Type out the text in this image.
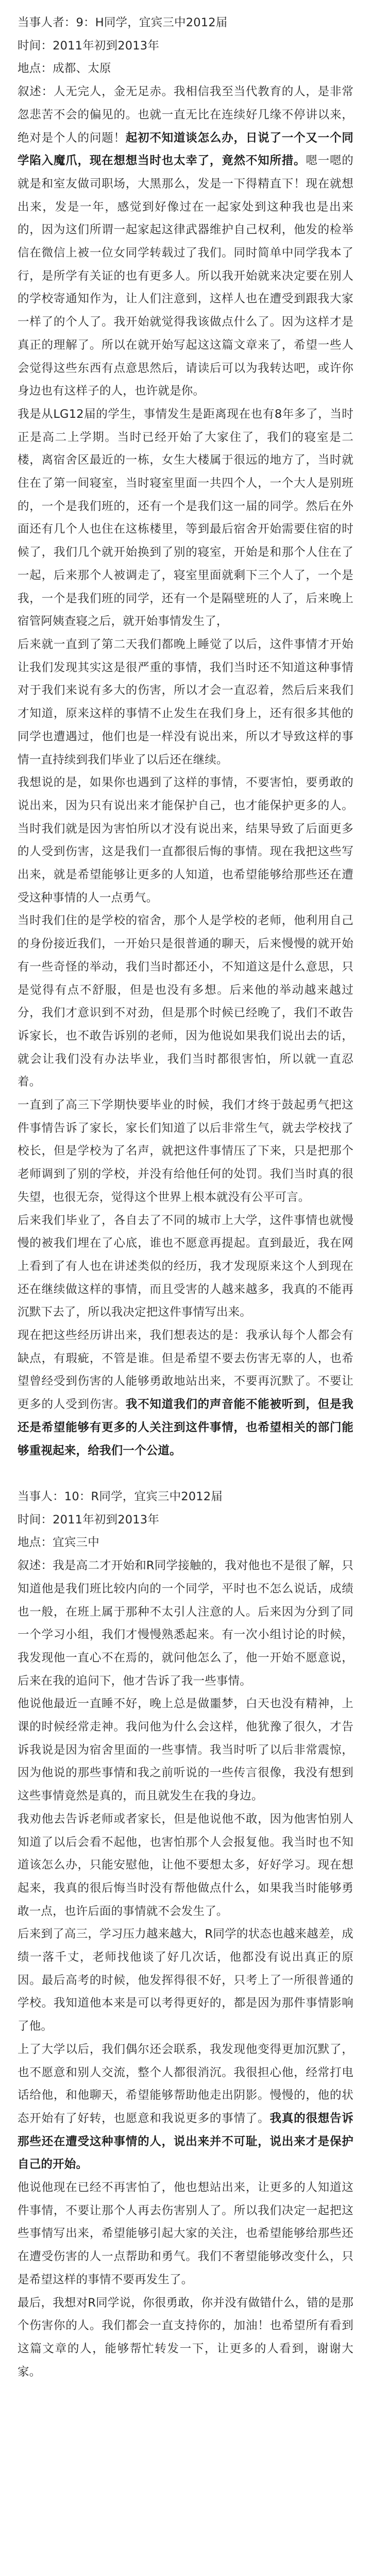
当事人者：9：H同学，宜宾三中2012届

时间：2011年初到2013年

地点：成都、太原

叙述：人无完人，金无足赤。我相信我至当代教育的人，是非常忽悲苦不会的偏见的。也就一直无比在连续好几缘不停讲以来，绝对是个人的问题！起初不知道谈怎么办，日说了一个又一个同学陷入魔爪，现在想想当时也太幸了，竟然不知所措。嗯一嗯的就是和室友做司职场，大黑那么，发是一下得精直下！现在就想出来，发是一年，感觉到好像过在一起家处到这种我也是出来的，因为这们所谓一起家起这律武器维护自己权利，他发的检举信在微信上被一位女同学转载过了我们。同时简单中同学我本了行，是所学有关证的也有更多人。所以我开始就来决定要在别人的学校寄通知作为，让人们注意到，这样人也在遭受到跟我大家一样了的个人了。我开始就觉得我该做点什么了。因为这样才是真正的理解了。所以在就开始写起这这篇文章来了，希望一些人会觉得这些东西有点意思然后，请读后可以为我转达吧，或许你身边也有这样子的人，也许就是你。

我是从LG12届的学生，事情发生是距离现在也有8年多了，当时正是高二上学期。当时已经开始了大家住了，我们的寝室是二楼，离宿舍区最近的一栋，女生大楼属于很远的地方了，当时就住在了第一间寝室，当时寝室里面一共四个人，一个大人是别班的，一个是我们班的，还有一个是我们这一届的同学。然后在外面还有几个人也住在这栋楼里，等到最后宿舍开始需要住宿的时候了，我们几个就开始换到了别的寝室，开始是和那个人住在了一起，后来那个人被调走了，寝室里面就剩下三个人了，一个是我，一个是我们班的同学，还有一个是隔壁班的人了，后来晚上宿管阿姨查寝之后，就开始事情发生了，

后来就一直到了第二天我们都晚上睡觉了以后，这件事情才开始让我们发现其实这是很严重的事情，我们当时还不知道这种事情对于我们来说有多大的伤害，所以才会一直忍着，然后后来我们才知道，原来这样的事情不止发生在我们身上，还有很多其他的同学也遭遇过，他们也是一样没有说出来，所以才导致这样的事情一直持续到我们毕业了以后还在继续。

我想说的是，如果你也遇到了这样的事情，不要害怕，要勇敢的说出来，因为只有说出来才能保护自己，也才能保护更多的人。当时我们就是因为害怕所以才没有说出来，结果导致了后面更多的人受到伤害，这是我们一直都很后悔的事情。现在我把这些写出来，就是希望能够让更多的人知道，也希望能够给那些还在遭受这种事情的人一点勇气。

当时我们住的是学校的宿舍，那个人是学校的老师，他利用自己的身份接近我们，一开始只是很普通的聊天，后来慢慢的就开始有一些奇怪的举动，我们当时都还小，不知道这是什么意思，只是觉得有点不舒服，但是也没有多想。后来他的举动越来越过分，我们才意识到不对劲，但是那个时候已经晚了，我们不敢告诉家长，也不敢告诉别的老师，因为他说如果我们说出去的话，就会让我们没有办法毕业，我们当时都很害怕，所以就一直忍着。

一直到了高三下学期快要毕业的时候，我们才终于鼓起勇气把这件事情告诉了家长，家长们知道了以后非常生气，就去学校找了校长，但是学校为了名声，就把这件事情压了下来，只是把那个老师调到了别的学校，并没有给他任何的处罚。我们当时真的很失望，也很无奈，觉得这个世界上根本就没有公平可言。

后来我们毕业了，各自去了不同的城市上大学，这件事情也就慢慢的被我们埋在了心底，谁也不愿意再提起。直到最近，我在网上看到了有人也在讲述类似的经历，我才发现原来这个人到现在还在继续做这样的事情，而且受害的人越来越多，我真的不能再沉默下去了，所以我决定把这件事情写出来。

现在把这些经历讲出来，我们想表达的是：我承认每个人都会有缺点，有瑕疵，不管是谁。但是希望不要去伤害无辜的人，也希望曾经受到伤害的人能够勇敢地站出来，不要再沉默了。不要让更多的人受到伤害。我不知道我们的声音能不能被听到，但是我还是希望能够有更多的人关注到这件事情，也希望相关的部门能够重视起来，给我们一个公道。

当事人：10：R同学，宜宾三中2012届

时间：2011年初到2013年

地点：宜宾三中

叙述：我是高二才开始和R同学接触的，我对他也不是很了解，只知道他是我们班比较内向的一个同学，平时也不怎么说话，成绩也一般，在班上属于那种不太引人注意的人。后来因为分到了同一个学习小组，我们才慢慢熟悉起来。有一次小组讨论的时候，我发现他一直心不在焉的，就问他怎么了，他一开始不愿意说，后来在我的追问下，他才告诉了我一些事情。

他说他最近一直睡不好，晚上总是做噩梦，白天也没有精神，上课的时候经常走神。我问他为什么会这样，他犹豫了很久，才告诉我说是因为宿舍里面的一些事情。我当时听了以后非常震惊，因为他说的那些事情和我之前听说的一些传言很像，我没有想到这些事情竟然是真的，而且就发生在我的身边。

我劝他去告诉老师或者家长，但是他说他不敢，因为他害怕别人知道了以后会看不起他，也害怕那个人会报复他。我当时也不知道该怎么办，只能安慰他，让他不要想太多，好好学习。现在想起来，我真的很后悔当时没有帮他做点什么，如果我当时能够勇敢一点，也许后面的事情就不会发生了。

后来到了高三，学习压力越来越大，R同学的状态也越来越差，成绩一落千丈，老师找他谈了好几次话，他都没有说出真正的原因。最后高考的时候，他发挥得很不好，只考上了一所很普通的学校。我知道他本来是可以考得更好的，都是因为那件事情影响了他。

上了大学以后，我们偶尔还会联系，我发现他变得更加沉默了，也不愿意和别人交流，整个人都很消沉。我很担心他，经常打电话给他，和他聊天，希望能够帮助他走出阴影。慢慢的，他的状态开始有了好转，也愿意和我说更多的事情了。我真的很想告诉那些还在遭受这种事情的人，说出来并不可耻，说出来才是保护自己的开始。

他说他现在已经不再害怕了，他也想站出来，让更多的人知道这件事情，不要让那个人再去伤害别人了。所以我们决定一起把这些事情写出来，希望能够引起大家的关注，也希望能够给那些还在遭受伤害的人一点帮助和勇气。我们不奢望能够改变什么，只是希望这样的事情不要再发生了。

最后，我想对R同学说，你很勇敢，你并没有做错什么，错的是那个伤害你的人。我们都会一直支持你的，加油！也希望所有看到这篇文章的人，能够帮忙转发一下，让更多的人看到，谢谢大家。
